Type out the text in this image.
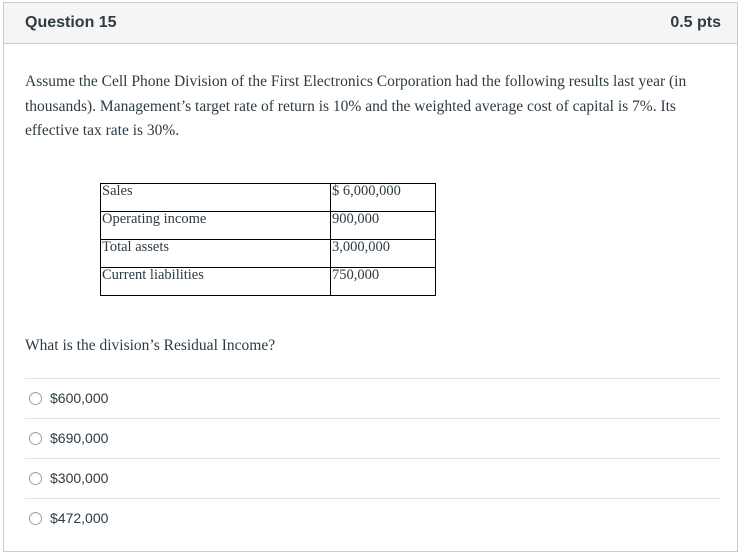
Question 15	0.5 pts
Assume the Cell Phone Division of the First Electronics Corporation had the following results last year (in thousands). Management’s target rate of return is 10% and the weighted average cost of capital is 7%. Its effective tax rate is 30%.
Sales	$ 6,000,000
Operating income	900,000
Total assets	3,000,000
Current liabilities	750,000
What is the division’s Residual Income?
$600,000
$690,000
$300,000
$472,000
